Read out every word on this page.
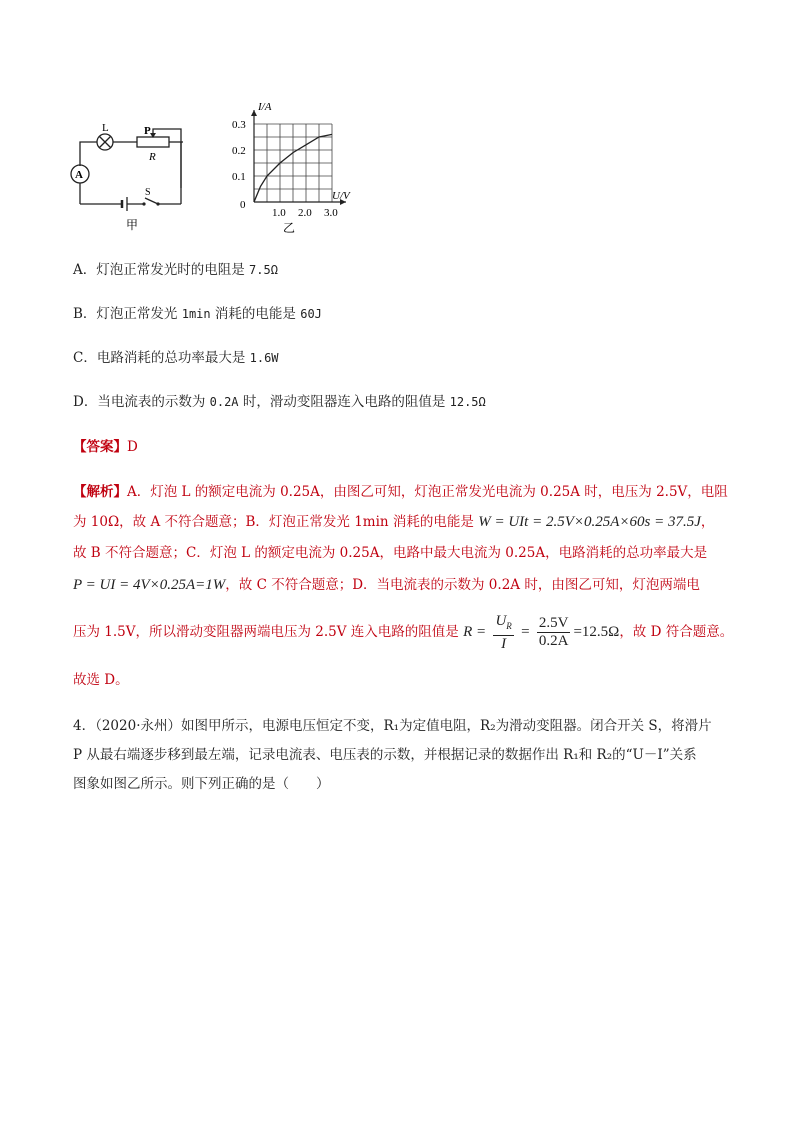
L	P
R
A
S
甲
0.1
0.2
0.3
1.0 2.0 3.0
I/A
U/V
0
乙
A．灯泡正常发光时的电阻是 7.5Ω
B．灯泡正常发光 1min 消耗的电能是 60J
C．电路消耗的总功率最大是 1.6W
D．当电流表的示数为 0.2A 时，滑动变阻器连入电路的阻值是 12.5Ω
【答案】D
【解析】A．灯泡 L 的额定电流为 0.25A，由图乙可知，灯泡正常发光电流为 0.25A 时，电压为 2.5V，电阻
为 10Ω，故 A 不符合题意；B．灯泡正常发光 1min 消耗的电能是 W = UIt = 2.5V×0.25A×60s = 37.5J，
故 B 不符合题意；C．灯泡 L 的额定电流为 0.25A，电路中最大电流为 0.25A，电路消耗的总功率最大是
P = UI = 4V×0.25A=1W，故 C 不符合题意；D．当电流表的示数为 0.2A 时，由图乙可知，灯泡两端电
压为 1.5V，所以滑动变阻器两端电压为 2.5V 连入电路的阻值是 $R = \frac{U_R}{I} = \frac{2.5V}{0.2A} =12.5\Omega$，故 D 符合题意。
故选 D。
4．（2020·永州）如图甲所示，电源电压恒定不变，R₁为定值电阻，R₂为滑动变阻器。闭合开关 S，将滑片
P 从最右端逐步移到最左端，记录电流表、电压表的示数，并根据记录的数据作出 R₁和 R₂的“U－I”关系
图象如图乙所示。则下列正确的是（　　）
